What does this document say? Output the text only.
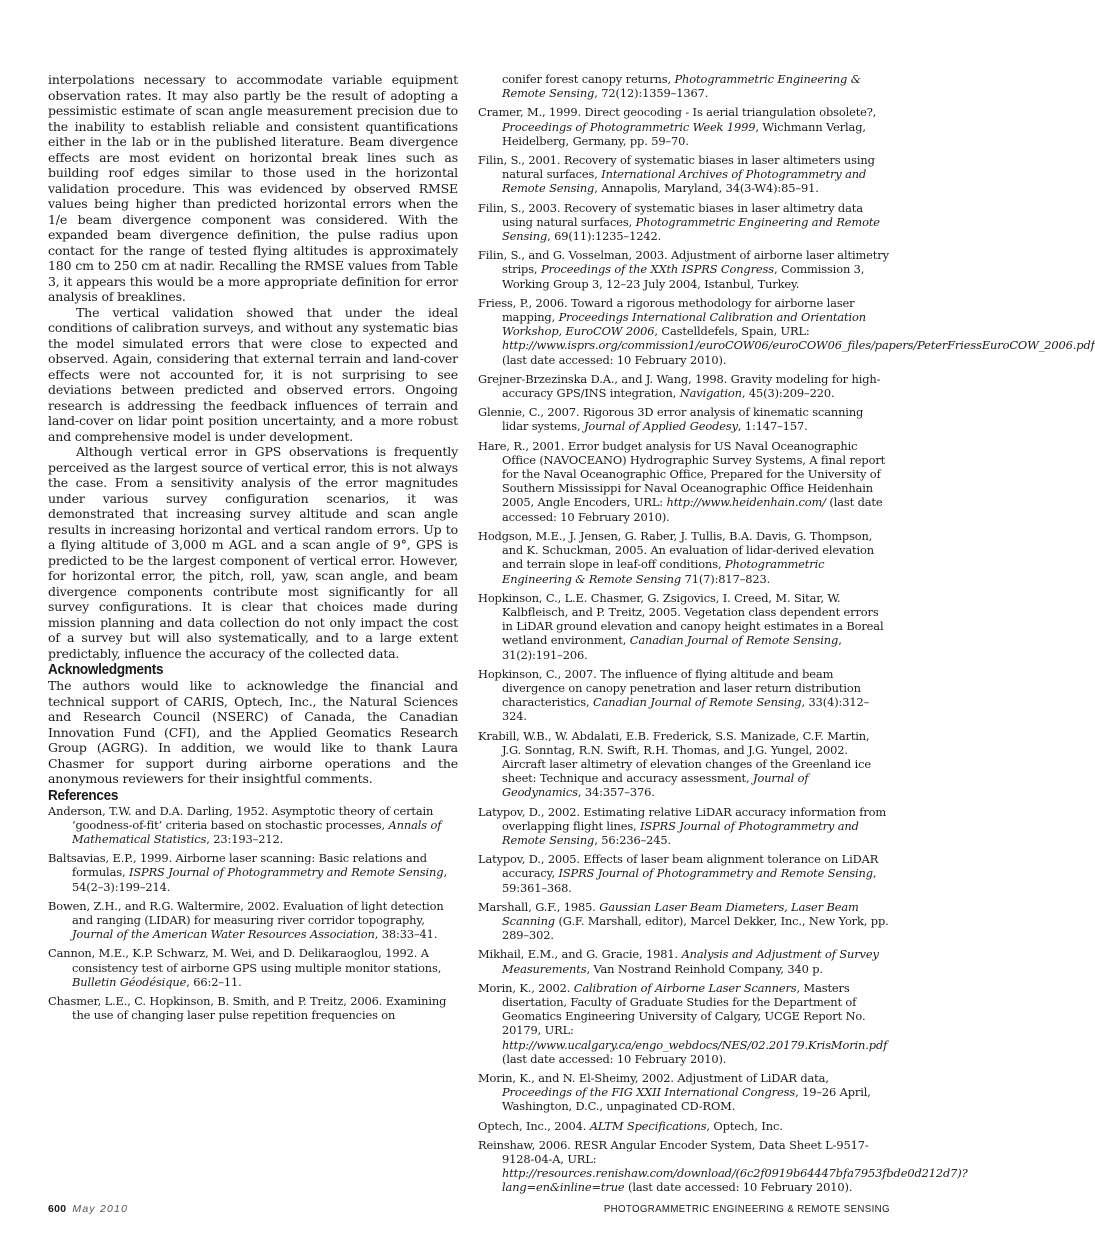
interpolations necessary to accommodate variable equipment observation rates. It may also partly be the result of adopting a pessimistic estimate of scan angle measurement precision due to the inability to establish reliable and consistent quantifications either in the lab or in the published literature. Beam divergence effects are most evident on horizontal break lines such as building roof edges similar to those used in the horizontal validation procedure. This was evidenced by observed RMSE values being higher than predicted horizontal errors when the 1/e beam divergence component was considered. With the expanded beam divergence definition, the pulse radius upon contact for the range of tested flying altitudes is approximately 180 cm to 250 cm at nadir. Recalling the RMSE values from Table 3, it appears this would be a more appropriate definition for error analysis of breaklines.

The vertical validation showed that under the ideal conditions of calibration surveys, and without any systematic bias the model simulated errors that were close to expected and observed. Again, considering that external terrain and land-cover effects were not accounted for, it is not surprising to see deviations between predicted and observed errors. Ongoing research is addressing the feedback influences of terrain and land-cover on lidar point position uncertainty, and a more robust and comprehensive model is under development.

Although vertical error in GPS observations is frequently perceived as the largest source of vertical error, this is not always the case. From a sensitivity analysis of the error magnitudes under various survey configuration scenarios, it was demonstrated that increasing survey altitude and scan angle results in increasing horizontal and vertical random errors. Up to a flying altitude of 3,000 m AGL and a scan angle of 9°, GPS is predicted to be the largest component of vertical error. However, for horizontal error, the pitch, roll, yaw, scan angle, and beam divergence components contribute most significantly for all survey configurations. It is clear that choices made during mission planning and data collection do not only impact the cost of a survey but will also systematically, and to a large extent predictably, influence the accuracy of the collected data.

Acknowledgments

The authors would like to acknowledge the financial and technical support of CARIS, Optech, Inc., the Natural Sciences and Research Council (NSERC) of Canada, the Canadian Innovation Fund (CFI), and the Applied Geomatics Research Group (AGRG). In addition, we would like to thank Laura Chasmer for support during airborne operations and the anonymous reviewers for their insightful comments.

References
Anderson, T.W. and D.A. Darling, 1952. Asymptotic theory of certain ‘goodness-of-fit’ criteria based on stochastic processes, Annals of Mathematical Statistics, 23:193–212.
Baltsavias, E.P., 1999. Airborne laser scanning: Basic relations and formulas, ISPRS Journal of Photogrammetry and Remote Sensing, 54(2–3):199–214.
Bowen, Z.H., and R.G. Waltermire, 2002. Evaluation of light detection and ranging (LIDAR) for measuring river corridor topography, Journal of the American Water Resources Association, 38:33–41.
Cannon, M.E., K.P. Schwarz, M. Wei, and D. Delikaraoglou, 1992. A consistency test of airborne GPS using multiple monitor stations, Bulletin Géodésique, 66:2–11.
Chasmer, L.E., C. Hopkinson, B. Smith, and P. Treitz, 2006. Examining the use of changing laser pulse repetition frequencies on
conifer forest canopy returns, Photogrammetric Engineering & Remote Sensing, 72(12):1359–1367.
Cramer, M., 1999. Direct geocoding - Is aerial triangulation obsolete?, Proceedings of Photogrammetric Week 1999, Wichmann Verlag, Heidelberg, Germany, pp. 59–70.
Filin, S., 2001. Recovery of systematic biases in laser altimeters using natural surfaces, International Archives of Photogrammetry and Remote Sensing, Annapolis, Maryland, 34(3-W4):85–91.
Filin, S., 2003. Recovery of systematic biases in laser altimetry data using natural surfaces, Photogrammetric Engineering and Remote Sensing, 69(11):1235–1242.
Filin, S., and G. Vosselman, 2003. Adjustment of airborne laser altimetry strips, Proceedings of the XXth ISPRS Congress, Commission 3, Working Group 3, 12–23 July 2004, Istanbul, Turkey.
Friess, P., 2006. Toward a rigorous methodology for airborne laser mapping, Proceedings International Calibration and Orientation Workshop, EuroCOW 2006, Castelldefels, Spain, URL: http://www.isprs.org/commission1/euroCOW06/euroCOW06_files/papers/PeterFriessEuroCOW_2006.pdf (last date accessed: 10 February 2010).
Grejner-Brzezinska D.A., and J. Wang, 1998. Gravity modeling for high-accuracy GPS/INS integration, Navigation, 45(3):209–220.
Glennie, C., 2007. Rigorous 3D error analysis of kinematic scanning lidar systems, Journal of Applied Geodesy, 1:147–157.
Hare, R., 2001. Error budget analysis for US Naval Oceanographic Office (NAVOCEANO) Hydrographic Survey Systems, A final report for the Naval Oceanographic Office, Prepared for the University of Southern Mississippi for Naval Oceanographic Office Heidenhain 2005, Angle Encoders, URL: http://www.heidenhain.com/ (last date accessed: 10 February 2010).
Hodgson, M.E., J. Jensen, G. Raber, J. Tullis, B.A. Davis, G. Thompson, and K. Schuckman, 2005. An evaluation of lidar-derived elevation and terrain slope in leaf-off conditions, Photogrammetric Engineering & Remote Sensing 71(7):817–823.
Hopkinson, C., L.E. Chasmer, G. Zsigovics, I. Creed, M. Sitar, W. Kalbfleisch, and P. Treitz, 2005. Vegetation class dependent errors in LiDAR ground elevation and canopy height estimates in a Boreal wetland environment, Canadian Journal of Remote Sensing, 31(2):191–206.
Hopkinson, C., 2007. The influence of flying altitude and beam divergence on canopy penetration and laser return distribution characteristics, Canadian Journal of Remote Sensing, 33(4):312–324.
Krabill, W.B., W. Abdalati, E.B. Frederick, S.S. Manizade, C.F. Martin, J.G. Sonntag, R.N. Swift, R.H. Thomas, and J.G. Yungel, 2002. Aircraft laser altimetry of elevation changes of the Greenland ice sheet: Technique and accuracy assessment, Journal of Geodynamics, 34:357–376.
Latypov, D., 2002. Estimating relative LiDAR accuracy information from overlapping flight lines, ISPRS Journal of Photogrammetry and Remote Sensing, 56:236–245.
Latypov, D., 2005. Effects of laser beam alignment tolerance on LiDAR accuracy, ISPRS Journal of Photogrammetry and Remote Sensing, 59:361–368.
Marshall, G.F., 1985. Gaussian Laser Beam Diameters, Laser Beam Scanning (G.F. Marshall, editor), Marcel Dekker, Inc., New York, pp. 289–302.
Mikhail, E.M., and G. Gracie, 1981. Analysis and Adjustment of Survey Measurements, Van Nostrand Reinhold Company, 340 p.
Morin, K., 2002. Calibration of Airborne Laser Scanners, Masters disertation, Faculty of Graduate Studies for the Department of Geomatics Engineering University of Calgary, UCGE Report No. 20179, URL: http://www.ucalgary.ca/engo_webdocs/NES/02.20179.KrisMorin.pdf (last date accessed: 10 February 2010).
Morin, K., and N. El-Sheimy, 2002. Adjustment of LiDAR data, Proceedings of the FIG XXII International Congress, 19–26 April, Washington, D.C., unpaginated CD-ROM.
Optech, Inc., 2004. ALTM Specifications, Optech, Inc.
Reinshaw, 2006. RESR Angular Encoder System, Data Sheet L-9517-9128-04-A, URL: http://resources.renishaw.com/download/(6c2f0919b64447bfa7953fbde0d212d7)?lang=en&inline=true (last date accessed: 10 February 2010).
600 May 2010	PHOTOGRAMMETRIC ENGINEERING & REMOTE SENSING
